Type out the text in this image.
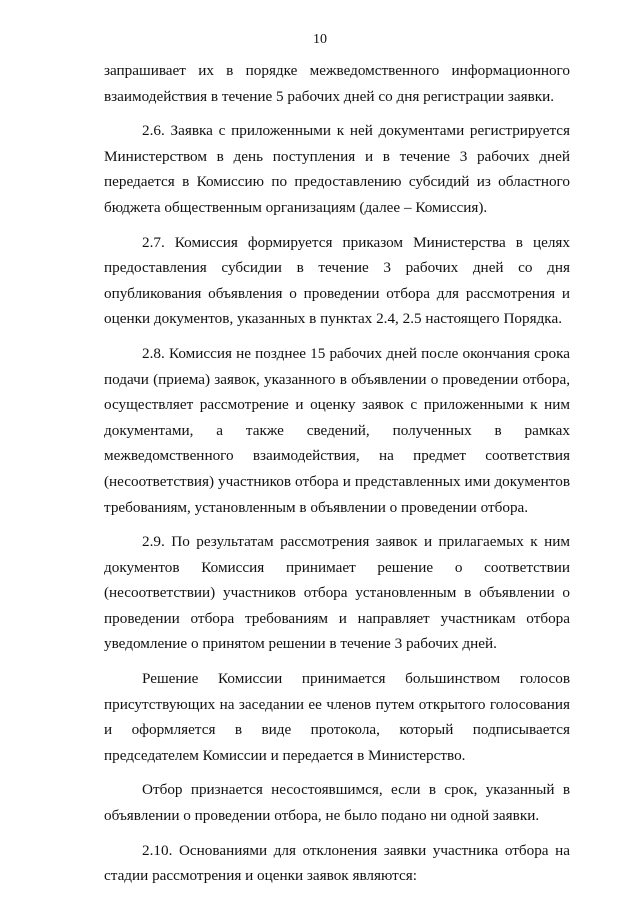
10

запрашивает их в порядке межведомственного информационного взаимодействия в течение 5 рабочих дней со дня регистрации заявки.

2.6. Заявка с приложенными к ней документами регистрируется Министерством в день поступления и в течение 3 рабочих дней передается в Комиссию по предоставлению субсидий из областного бюджета общественным организациям (далее – Комиссия).

2.7. Комиссия формируется приказом Министерства в целях предоставления субсидии в течение 3 рабочих дней со дня опубликования объявления о проведении отбора для рассмотрения и оценки документов, указанных в пунктах 2.4, 2.5 настоящего Порядка.

2.8. Комиссия не позднее 15 рабочих дней после окончания срока подачи (приема) заявок, указанного в объявлении о проведении отбора, осуществляет рассмотрение и оценку заявок с приложенными к ним документами, а также сведений, полученных в рамках межведомственного взаимодействия, на предмет соответствия (несоответствия) участников отбора и представленных ими документов требованиям, установленным в объявлении о проведении отбора.

2.9. По результатам рассмотрения заявок и прилагаемых к ним документов Комиссия принимает решение о соответствии (несоответствии) участников отбора установленным в объявлении о проведении отбора требованиям и направляет участникам отбора уведомление о принятом решении в течение 3 рабочих дней.

Решение Комиссии принимается большинством голосов присутствующих на заседании ее членов путем открытого голосования и оформляется в виде протокола, который подписывается председателем Комиссии и передается в Министерство.

Отбор признается несостоявшимся, если в срок, указанный в объявлении о проведении отбора, не было подано ни одной заявки.

2.10. Основаниями для отклонения заявки участника отбора на стадии рассмотрения и оценки заявок являются:
